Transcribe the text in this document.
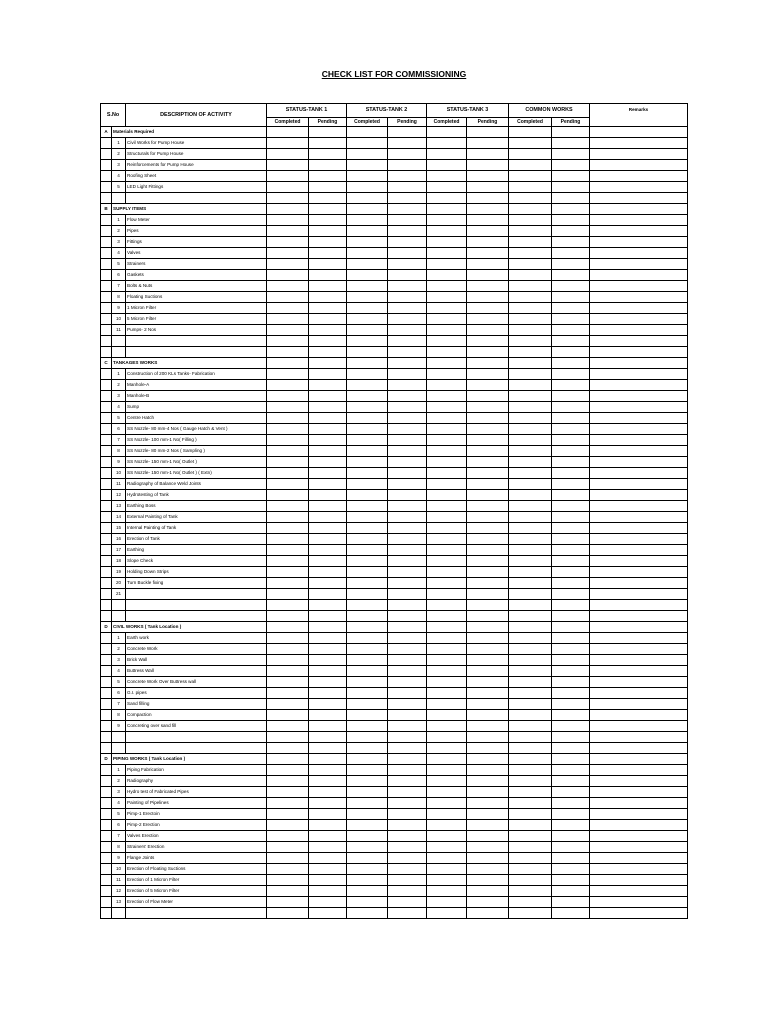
CHECK LIST FOR COMMISSIONING
S.No		DESCRIPTION OF ACTIVITY	STATUS-TANK 1		STATUS-TANK 2		STATUS-TANK 3		COMMON WORKS		Remarks
			Completed	Pending	Completed	Pending	Completed	Pending	Completed	Pending	
A	Materials Required										
	1	Civil Works for Pump House									
	2	Structurals for Pump House									
	3	Reinforcements for Pump House									
	4	Roofing Sheet									
	5	LED Light Fittings									

B	SUPPLY ITEMS										
	1	Flow Meter									
	2	Pipes									
	3	Fittings									
	4	Valves									
	5	Strainers									
	6	Gaskets									
	7	Bolts & Nuts									
	8	Floating Suctions									
	9	1 Micron Filter									
	10	5 Micron Filter									
	11	Pumps- 2 Nos									

C	TANKAGES WORKS										
	1	Construction of 200 KLs Tanks- Fabrication									
	2	Manhole-A									
	3	Manhole-B									
	4	Sump									
	5	Centre Hatch									
	6	SS Nozzle- 80 mm-4 Nos ( Gauge Hatch & Vent )									
	7	SS Nozzle- 100 mm-1 No( Filling )									
	8	SS Nozzle- 80 mm-2 Nos ( Sampling )									
	9	SS Nozzle- 150 mm-1 No( Outlet )									
	10	SS Nozzle- 150 mm-1 No( Outlet ) ( Extn)									
	11	Radiography of Balance Weld Joints									
	12	Hydrotesting of Tank									
	13	Earthing Boss									
	14	External Painting of Tank									
	15	Internal Painting of Tank									
	16	Erection of Tank									
	17	Earthing									
	18	Slope Check									
	19	Holding Down Strips									
	20	Turn Buckle fixing									
	21										

D	CIVIL WORKS ( Tank Location )										
	1	Earth work									
	2	Concrete Work									
	3	Brick Wall									
	4	Buttress Wall									
	5	Concrete Work Over Buttress wall									
	6	G.I. pipes									
	7	Sand filling									
	8	Compaction									
	9	Concreting over sand fill									

D	PIPING WORKS ( Tank Location )										
	1	Piping Fabrication									
	2	Radiography									
	3	Hydro test of Fabricated Pipes									
	4	Painting of Pipelines									
	5	Pimp-1 Erectoin									
	6	Pimp-2 Erection									
	7	Valves Erection									
	8	Strainers' Erection									
	9	Flange Joints									
	10	Erection of Floating Suctions									
	11	Erection of 1 Micron Filter									
	12	Erection of 5 Micron Filter									
	13	Erection of Flow Meter									
